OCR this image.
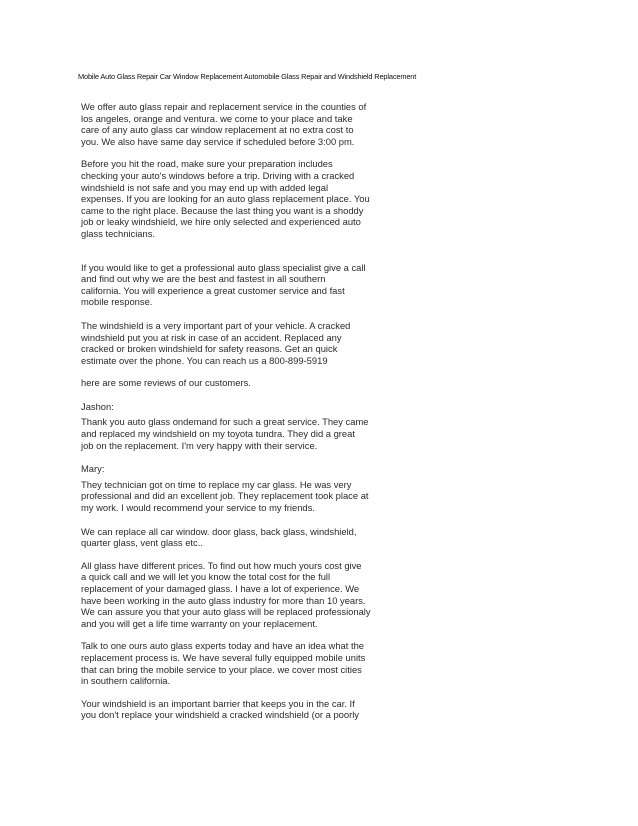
Mobile Auto Glass Repair Car Window Replacement Automobile Glass Repair and Windshield Replacement

We offer auto glass repair and replacement service in the counties of
los angeles, orange and ventura. we come to your place and take
care of any auto glass car window replacement at no extra cost to
you. We also have same day service if scheduled before 3:00 pm.

Before you hit the road, make sure your preparation includes
checking your auto's windows before a trip. Driving with a cracked
windshield is not safe and you may end up with added legal
expenses. If you are looking for an auto glass replacement place. You
came to the right place. Because the last thing you want is a shoddy
job or leaky windshield, we hire only selected and experienced auto
glass technicians.

If you would like to get a professional auto glass specialist give a call
and find out why we are the best and fastest in all southern
california. You will experience a great customer service and fast
mobile response.

The windshield is a very important part of your vehicle. A cracked
windshield put you at risk in case of an accident. Replaced any
cracked or broken windshield for safety reasons. Get an quick
estimate over the phone. You can reach us a 800-899-5919

here are some reviews of our customers.

Jashon:

Thank you auto glass ondemand for such a great service. They came
and replaced my windshield on my toyota tundra. They did a great
job on the replacement. I'm very happy with their service.

Mary:

They technician got on time to replace my car glass. He was very
professional and did an excellent job. They replacement took place at
my work. I would recommend your service to my friends.

We can replace all car window. door glass, back glass, windshield,
quarter glass, vent glass etc..

All glass have different prices. To find out how much yours cost give
a quick call and we will let you know the total cost for the full
replacement of your damaged glass. I have a lot of experience. We
have been working in the auto glass industry for more than 10 years.
We can assure you that your auto glass will be replaced professionaly
and you will get a life time warranty on your replacement.

Talk to one ours auto glass experts today and have an idea what the
replacement process is. We have several fully equipped mobile units
that can bring the mobile service to your place. we cover most cities
in southern california.

Your windshield is an important barrier that keeps you in the car. If
you don't replace your windshield a cracked windshield (or a poorly
